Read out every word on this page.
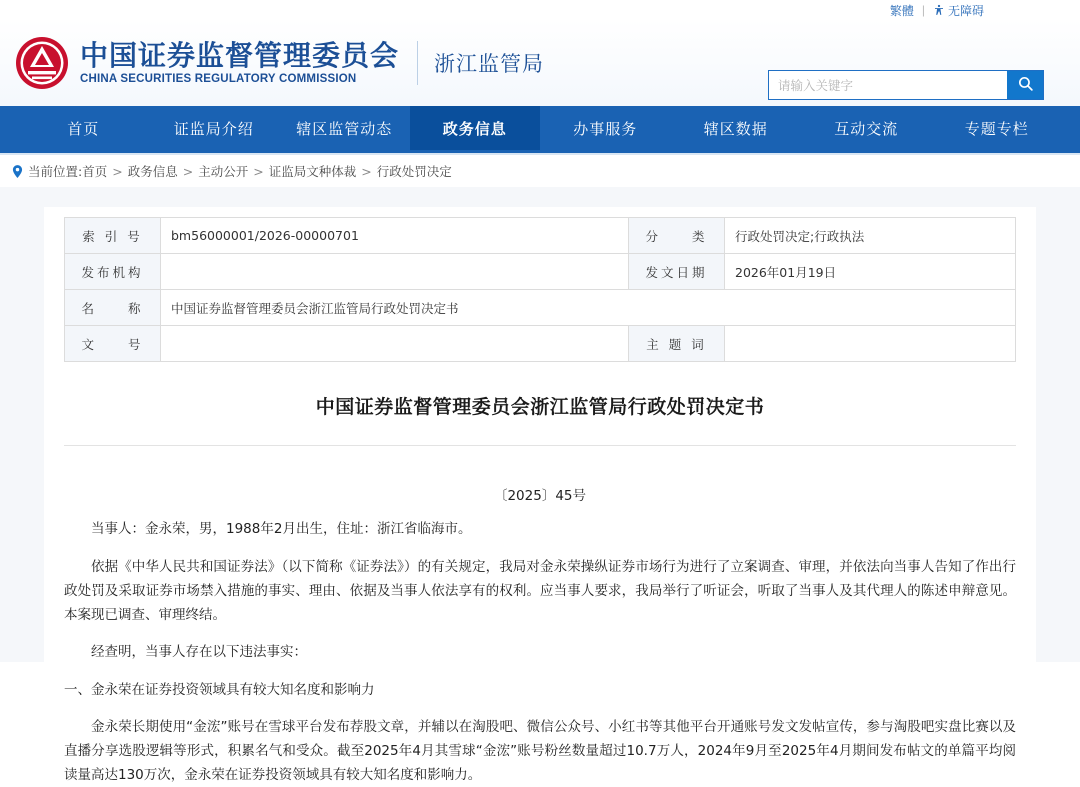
繁體 | 无障碍
中国证券监督管理委员会
CHINA SECURITIES REGULATORY COMMISSION
浙江监管局
请输入关键字
首页	证监局介绍	辖区监管动态	政务信息	办事服务	辖区数据	互动交流	专题专栏
当前位置: 首页 > 政务信息 > 主动公开 > 证监局文种体裁 > 行政处罚决定
索 引 号	bm56000001/2026-00000701	分　　类	行政处罚决定;行政执法
发布机构		发文日期	2026年01月19日
名　　称	中国证券监督管理委员会浙江监管局行政处罚决定书		
文　　号		主 题 词	
中国证券监督管理委员会浙江监管局行政处罚决定书
〔2025〕45号

当事人：金永荣，男，1988年2月出生，住址：浙江省临海市。

依据《中华人民共和国证券法》（以下简称《证券法》）的有关规定，我局对金永荣操纵证券市场行为进行了立案调查、审理，并依法向当事人告知了作出行政处罚及采取证券市场禁入措施的事实、理由、依据及当事人依法享有的权利。应当事人要求，我局举行了听证会，听取了当事人及其代理人的陈述申辩意见。本案现已调查、审理终结。

经查明，当事人存在以下违法事实：

一、金永荣在证券投资领域具有较大知名度和影响力

金永荣长期使用“金浤”账号在雪球平台发布荐股文章，并辅以在淘股吧、微信公众号、小红书等其他平台开通账号发文发帖宣传，参与淘股吧实盘比赛以及直播分享选股逻辑等形式，积累名气和受众。截至2025年4月其雪球“金浤”账号粉丝数量超过10.7万人，2024年9月至2025年4月期间发布帖文的单篇平均阅读量高达130万次，金永荣在证券投资领域具有较大知名度和影响力。
